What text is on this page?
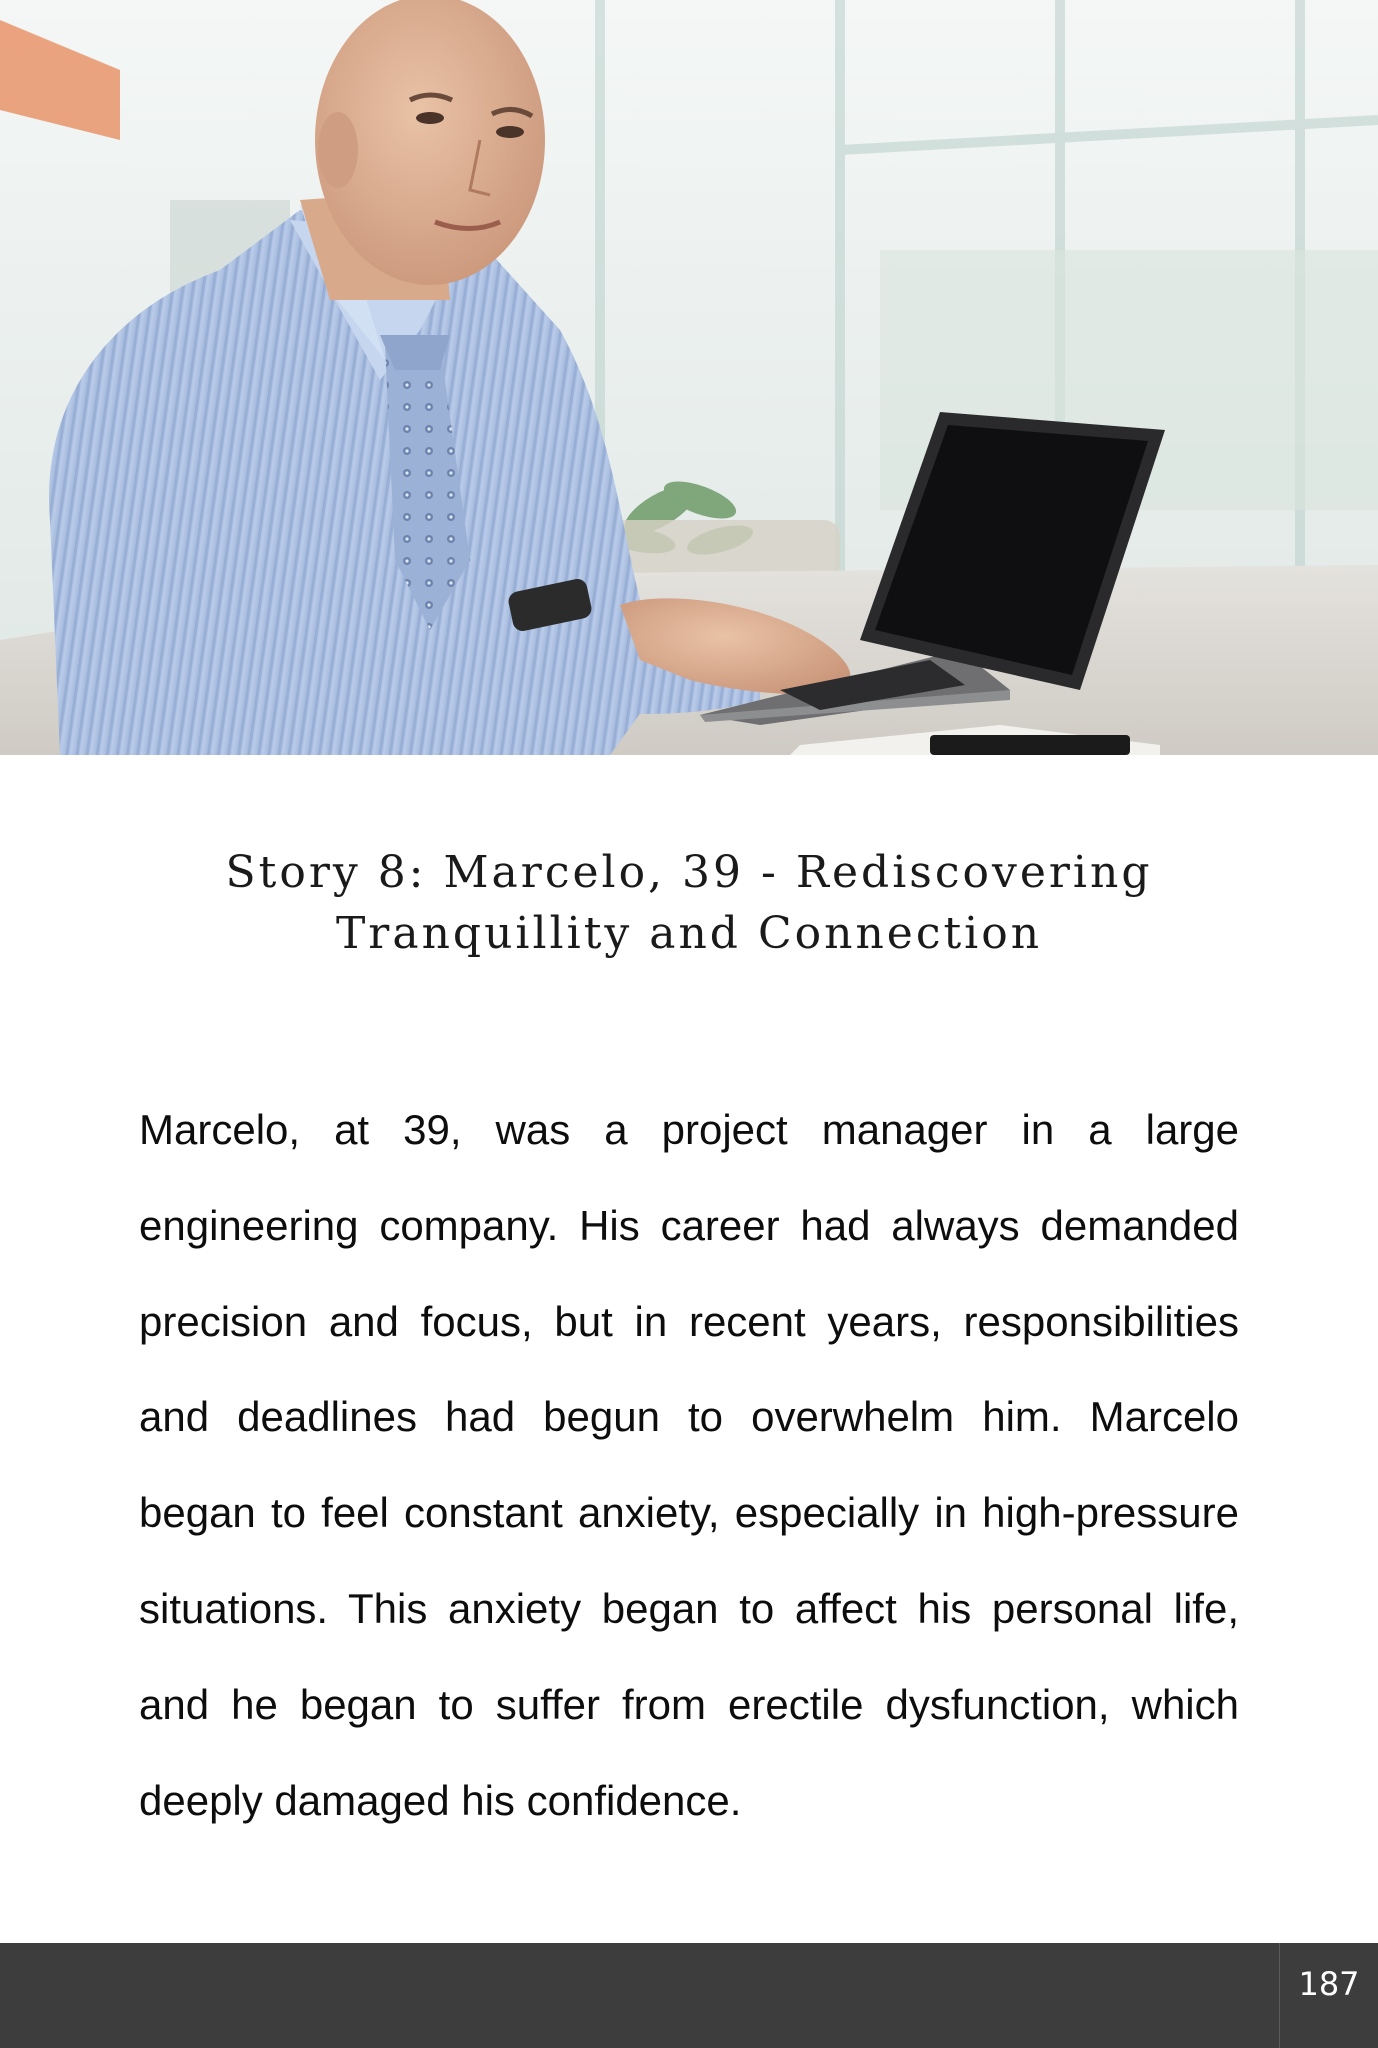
Story 8: Marcelo, 39 - Rediscovering
Tranquillity and Connection

Marcelo, at 39, was a project manager in a large engineering company. His career had always demanded precision and focus, but in recent years, responsibilities and deadlines had begun to overwhelm him. Marcelo began to feel constant anxiety, especially in high-pressure situations. This anxiety began to affect his personal life, and he began to suffer from erectile dysfunction, which deeply damaged his confidence.

187
